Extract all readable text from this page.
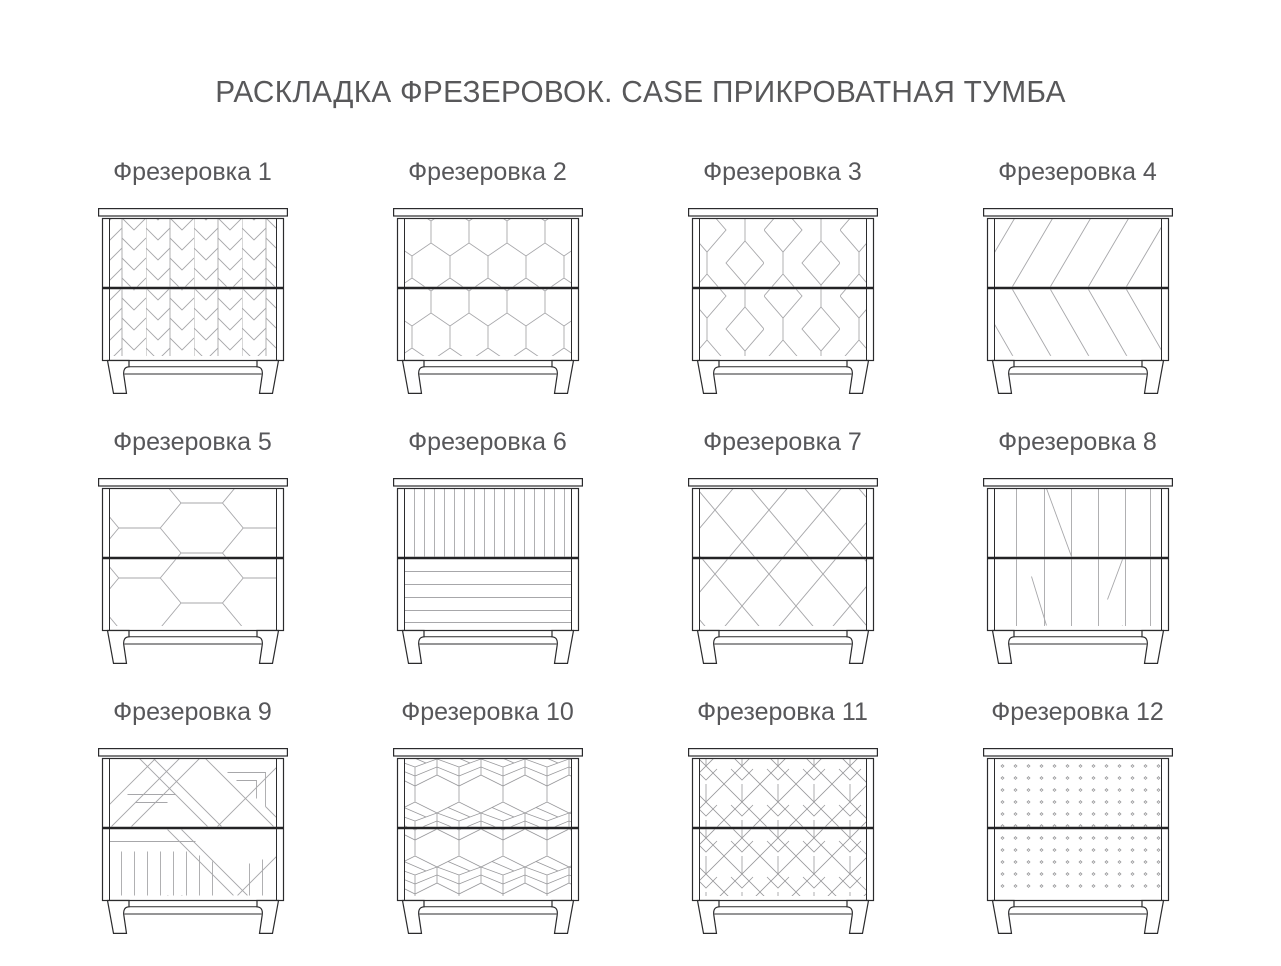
РАСКЛАДКА ФРЕЗЕРОВОК. CASE ПРИКРОВАТНАЯ ТУМБА
Фрезеровка 1	Фрезеровка 2	Фрезеровка 3	Фрезеровка 4
Фрезеровка 5	Фрезеровка 6	Фрезеровка 7	Фрезеровка 8
Фрезеровка 9	Фрезеровка 10	Фрезеровка 11	Фрезеровка 12
